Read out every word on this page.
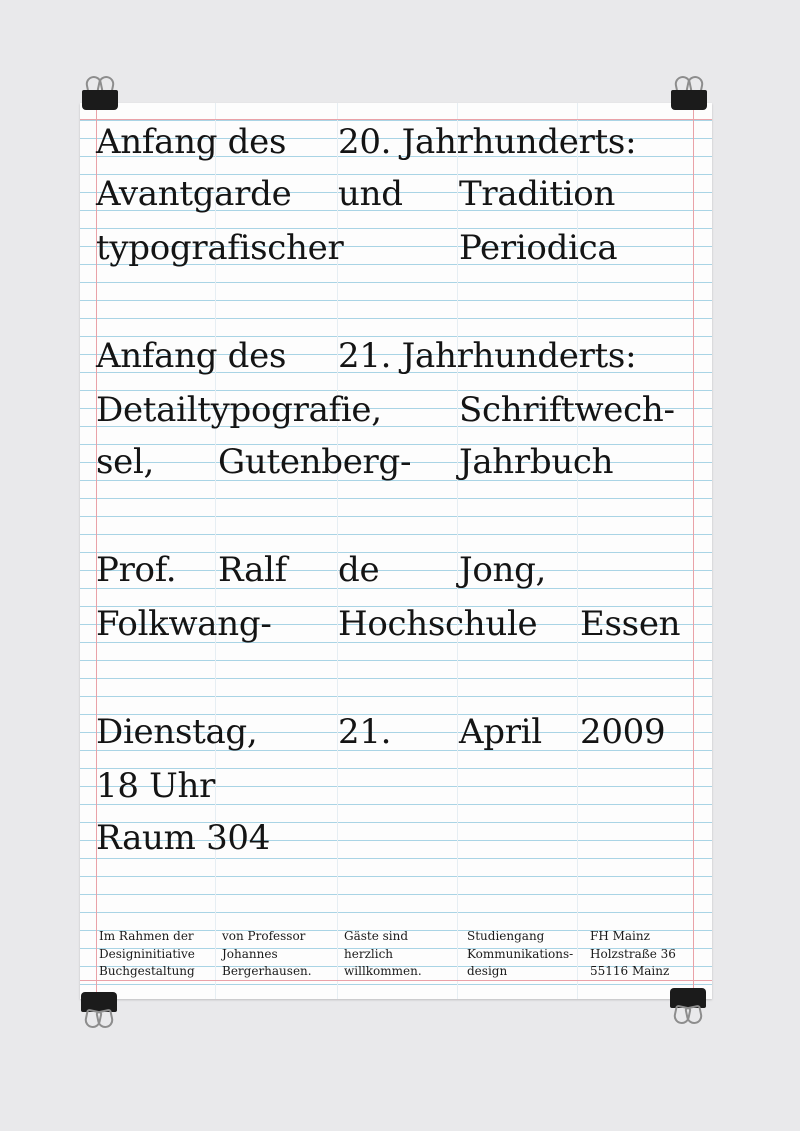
Anfang des 20. Jahrhunderts:
Avantgarde und Tradition
typografischer	Periodica
Anfang des 21. Jahrhunderts:
Detailtypografie, Schriftwech-
sel, Gutenberg- Jahrbuch
Prof. Ralf de Jong,
Folkwang- Hochschule Essen
Dienstag, 21. April 2009
18 Uhr
Raum 304
Im Rahmen der
Designinitiative
Buchgestaltung
von Professor
Johannes
Bergerhausen.
Gäste sind
herzlich
willkommen.
Studiengang
Kommunikations-
design
FH Mainz
Holzstraße 36
55116 Mainz
